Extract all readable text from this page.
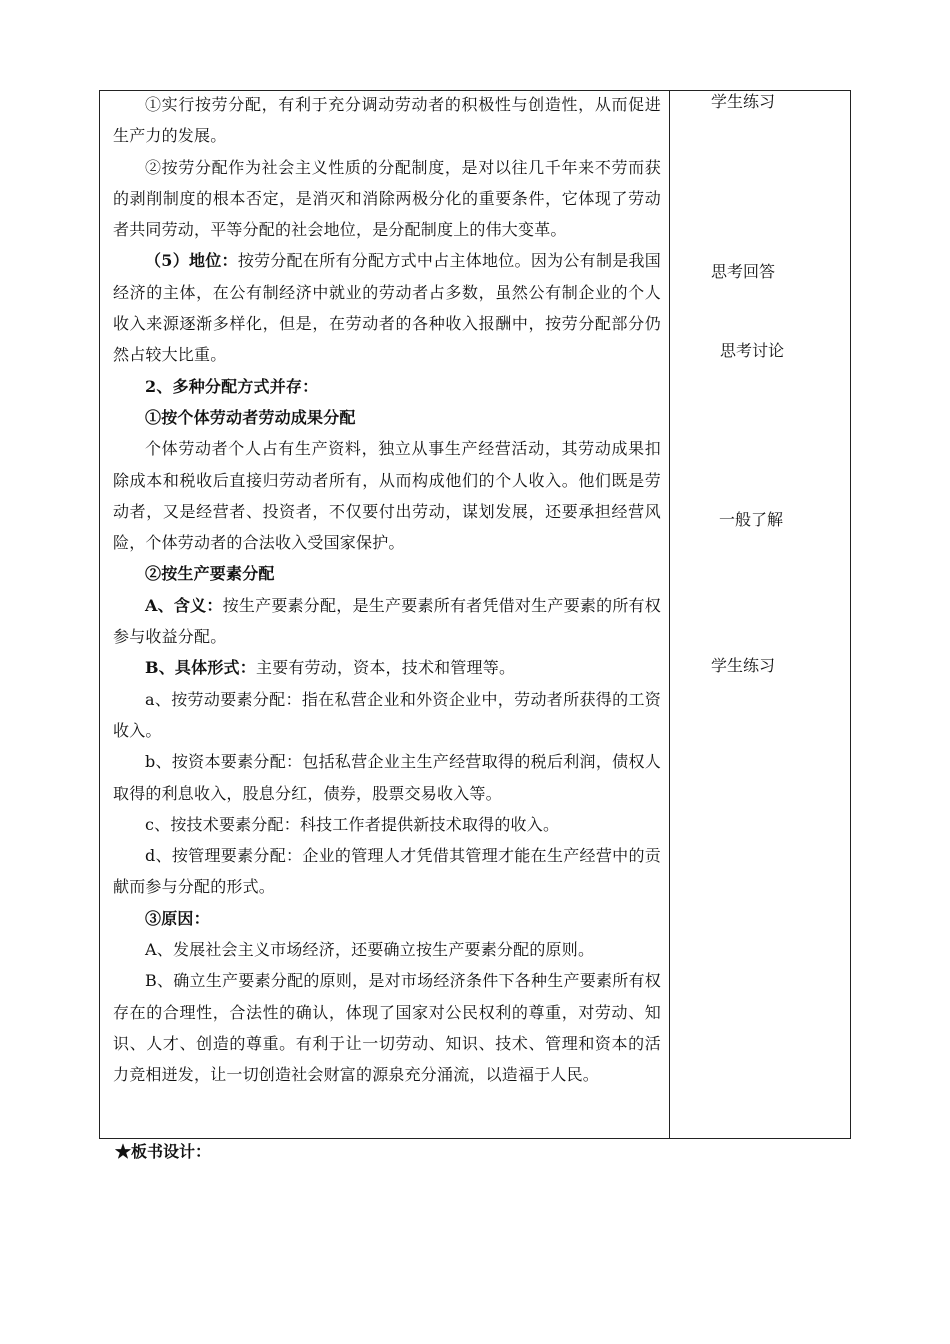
①实行按劳分配，有利于充分调动劳动者的积极性与创造性，从而促进生产力的发展。

②按劳分配作为社会主义性质的分配制度，是对以往几千年来不劳而获的剥削制度的根本否定，是消灭和消除两极分化的重要条件，它体现了劳动者共同劳动，平等分配的社会地位，是分配制度上的伟大变革。

（5）地位：按劳分配在所有分配方式中占主体地位。因为公有制是我国经济的主体，在公有制经济中就业的劳动者占多数，虽然公有制企业的个人收入来源逐渐多样化，但是，在劳动者的各种收入报酬中，按劳分配部分仍然占较大比重。

2、多种分配方式并存：

①按个体劳动者劳动成果分配

个体劳动者个人占有生产资料，独立从事生产经营活动，其劳动成果扣除成本和税收后直接归劳动者所有，从而构成他们的个人收入。他们既是劳动者，又是经营者、投资者，不仅要付出劳动，谋划发展，还要承担经营风险，个体劳动者的合法收入受国家保护。

②按生产要素分配

A、含义：按生产要素分配，是生产要素所有者凭借对生产要素的所有权参与收益分配。

B、具体形式：主要有劳动，资本，技术和管理等。

a、按劳动要素分配：指在私营企业和外资企业中，劳动者所获得的工资收入。

b、按资本要素分配：包括私营企业主生产经营取得的税后利润，债权人取得的利息收入，股息分红，债券，股票交易收入等。

c、按技术要素分配：科技工作者提供新技术取得的收入。

d、按管理要素分配：企业的管理人才凭借其管理才能在生产经营中的贡献而参与分配的形式。

③原因：

A、发展社会主义市场经济，还要确立按生产要素分配的原则。

B、确立生产要素分配的原则，是对市场经济条件下各种生产要素所有权存在的合理性，合法性的确认，体现了国家对公民权利的尊重，对劳动、知识、人才、创造的尊重。有利于让一切劳动、知识、技术、管理和资本的活力竞相迸发，让一切创造社会财富的源泉充分涌流，以造福于人民。

学生练习
思考回答
思考讨论
一般了解
学生练习
★板书设计：
